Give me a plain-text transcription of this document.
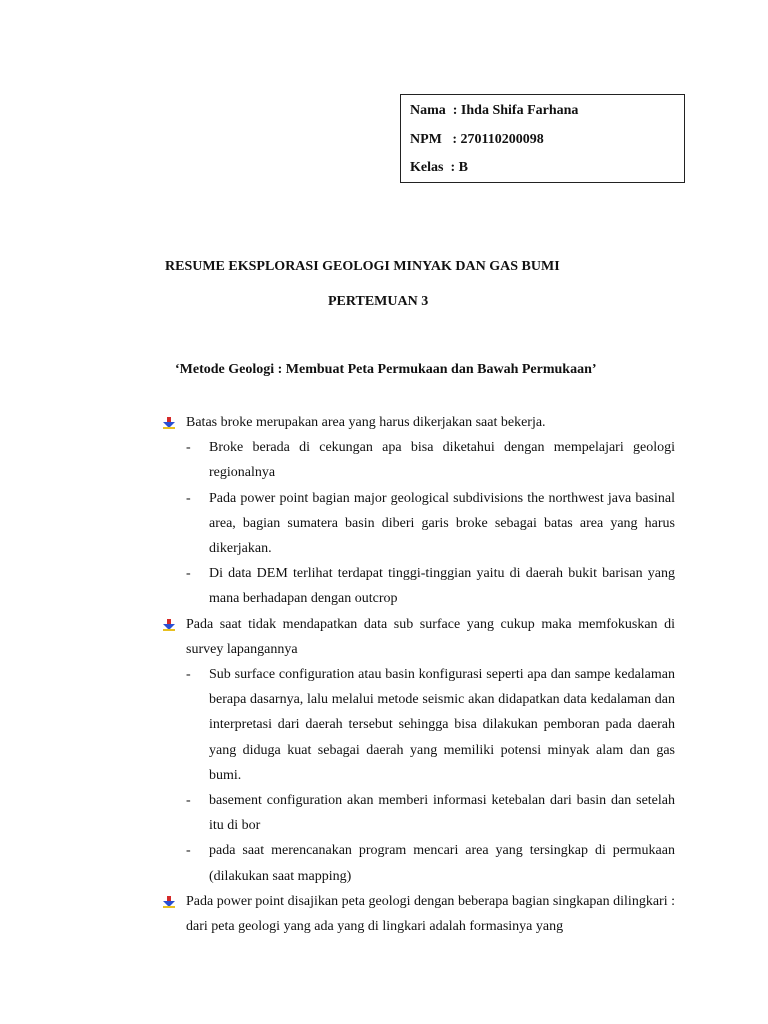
Nama  : Ihda Shifa Farhana
NPM   : 270110200098
Kelas  : B
RESUME EKSPLORASI GEOLOGI MINYAK DAN GAS BUMI
PERTEMUAN 3
‘Metode Geologi : Membuat Peta Permukaan dan Bawah Permukaan’
Batas broke merupakan area yang harus dikerjakan saat bekerja.
- Broke berada di cekungan apa bisa diketahui dengan mempelajari geologi regionalnya
- Pada power point bagian major geological subdivisions the northwest java basinal area, bagian sumatera basin diberi garis broke sebagai batas area yang harus dikerjakan.
- Di data DEM terlihat terdapat tinggi-tinggian yaitu di daerah bukit barisan yang mana berhadapan dengan outcrop
Pada saat tidak mendapatkan data sub surface yang cukup maka memfokuskan di survey lapangannya
- Sub surface configuration atau basin konfigurasi seperti apa dan sampe kedalaman berapa dasarnya, lalu melalui metode seismic akan didapatkan data kedalaman dan interpretasi dari daerah tersebut sehingga bisa dilakukan pemboran pada daerah yang diduga kuat sebagai daerah yang memiliki potensi minyak alam dan gas bumi.
- basement configuration akan memberi informasi ketebalan dari basin dan setelah itu di bor
- pada saat merencanakan program mencari area yang tersingkap di permukaan (dilakukan saat mapping)
Pada power point disajikan peta geologi dengan beberapa bagian singkapan dilingkari : dari peta geologi yang ada yang di lingkari adalah formasinya yang
